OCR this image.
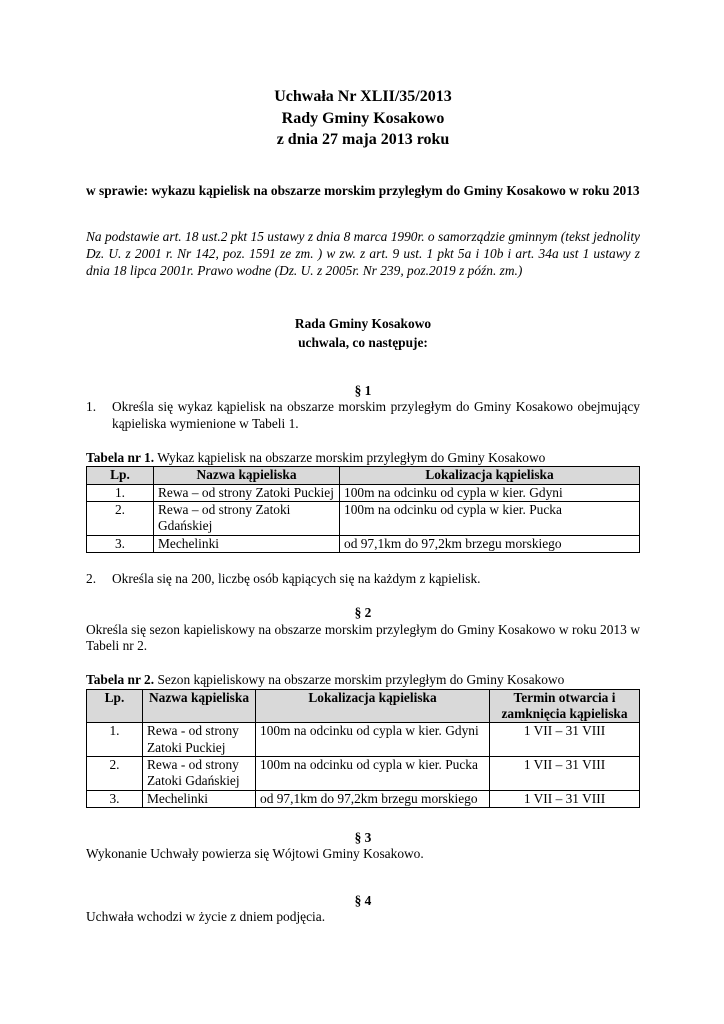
Uchwała Nr XLII/35/2013
Rady Gminy Kosakowo
z dnia 27 maja 2013 roku
w sprawie: wykazu kąpielisk na obszarze morskim przyległym do Gminy Kosakowo w roku 2013
Na podstawie art. 18 ust.2 pkt 15 ustawy z dnia 8 marca 1990r. o samorządzie gminnym (tekst jednolity Dz. U. z 2001 r. Nr 142, poz. 1591 ze zm. ) w zw. z art. 9 ust. 1 pkt 5a i 10b i art. 34a ust 1 ustawy z dnia 18 lipca 2001r. Prawo wodne (Dz. U. z 2005r. Nr 239, poz.2019 z późn. zm.)
Rada Gminy Kosakowo
uchwala, co następuje:
§ 1
1.	Określa się wykaz kąpielisk na obszarze morskim przyległym do Gminy Kosakowo obejmujący kąpieliska wymienione w Tabeli 1.
Tabela nr 1. Wykaz kąpielisk na obszarze morskim przyległym do Gminy Kosakowo
Lp.	Nazwa kąpieliska	Lokalizacja kąpieliska
1.	Rewa – od strony Zatoki Puckiej	100m na odcinku od cypla w kier. Gdyni
2.	Rewa – od strony Zatoki Gdańskiej	100m na odcinku od cypla w kier. Pucka
3.	Mechelinki	od 97,1km do 97,2km brzegu morskiego
2.	Określa się na 200, liczbę osób kąpiących się na każdym z kąpielisk.
§ 2
Określa się sezon kapieliskowy na obszarze morskim przyległym do Gminy Kosakowo w roku 2013 w Tabeli nr 2.
Tabela nr 2. Sezon kąpieliskowy na obszarze morskim przyległym do Gminy Kosakowo
Lp.	Nazwa kąpieliska	Lokalizacja kąpieliska	Termin otwarcia i zamknięcia kąpieliska
1.	Rewa - od strony Zatoki Puckiej	100m na odcinku od cypla w kier. Gdyni	1 VII – 31 VIII
2.	Rewa - od strony Zatoki Gdańskiej	100m na odcinku od cypla w kier. Pucka	1 VII – 31 VIII
3.	Mechelinki	od 97,1km do 97,2km brzegu morskiego	1 VII – 31 VIII
§ 3
Wykonanie Uchwały powierza się Wójtowi Gminy Kosakowo.
§ 4
Uchwała wchodzi w życie z dniem podjęcia.
